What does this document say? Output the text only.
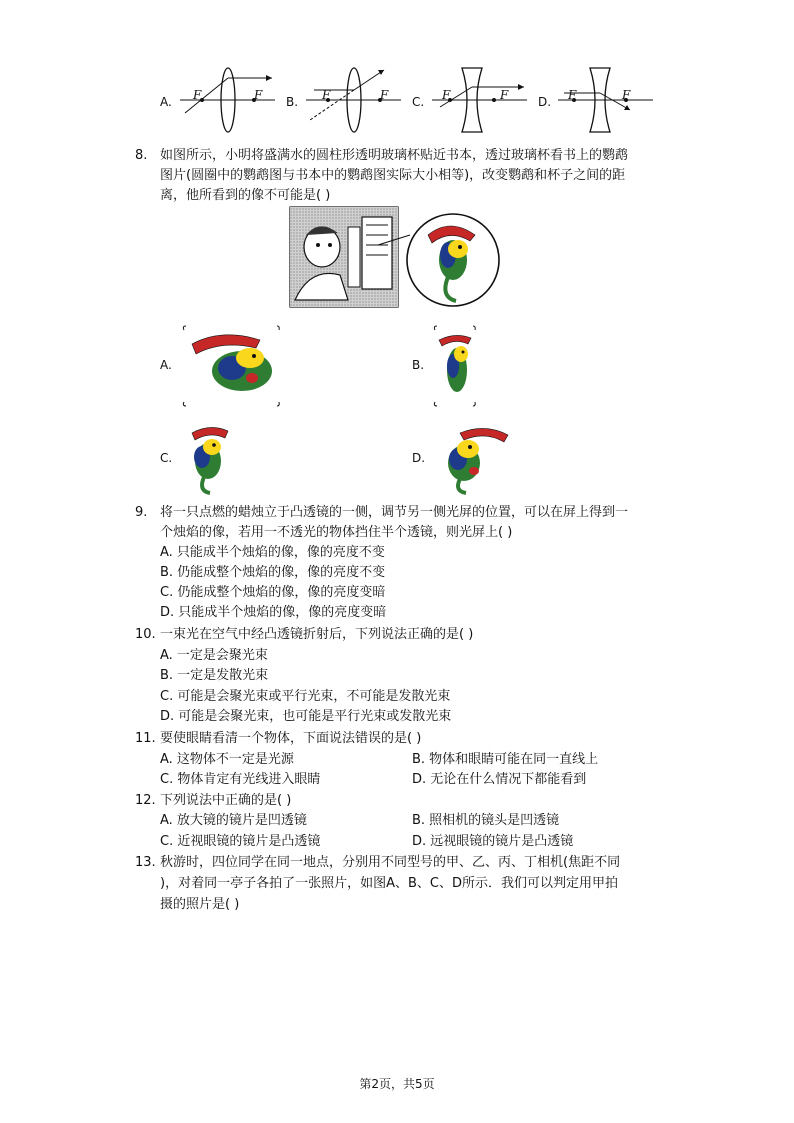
A. F	F B. F	F C. F	F D. F	F
8. 如图所示，小明将盛满水的圆柱形透明玻璃杯贴近书本，透过玻璃杯看书上的鹦鹉
图片(圆圈中的鹦鹉图与书本中的鹦鹉图实际大小相等)，改变鹦鹉和杯子之间的距
离，他所看到的像不可能是( )
A.	B.
C.	D.
9. 将一只点燃的蜡烛立于凸透镜的一侧，调节另一侧光屏的位置，可以在屏上得到一
个烛焰的像，若用一不透光的物体挡住半个透镜，则光屏上( )
A. 只能成半个烛焰的像，像的亮度不变
B. 仍能成整个烛焰的像，像的亮度不变
C. 仍能成整个烛焰的像，像的亮度变暗
D. 只能成半个烛焰的像，像的亮度变暗
10. 一束光在空气中经凸透镜折射后，下列说法正确的是( )
A. 一定是会聚光束
B. 一定是发散光束
C. 可能是会聚光束或平行光束，不可能是发散光束
D. 可能是会聚光束，也可能是平行光束或发散光束
11. 要使眼睛看清一个物体，下面说法错误的是( )
A. 这物体不一定是光源	B. 物体和眼睛可能在同一直线上
C. 物体肯定有光线进入眼睛	D. 无论在什么情况下都能看到
12. 下列说法中正确的是( )
A. 放大镜的镜片是凹透镜	B. 照相机的镜头是凹透镜
C. 近视眼镜的镜片是凸透镜	D. 远视眼镜的镜片是凸透镜
13. 秋游时，四位同学在同一地点，分别用不同型号的甲、乙、丙、丁相机(焦距不同
)，对着同一亭子各拍了一张照片，如图A、B、C、D所示．我们可以判定用甲拍
摄的照片是( )
第2页，共5页
